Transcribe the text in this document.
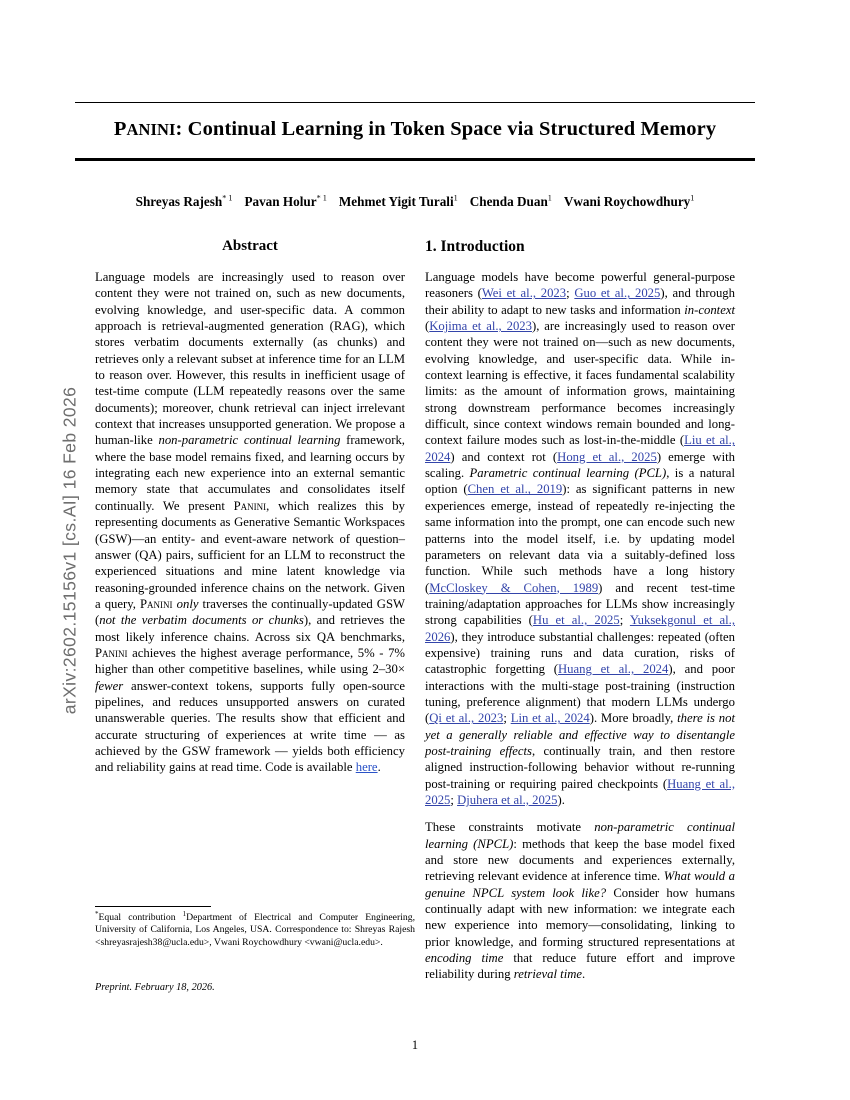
arXiv:2602.15156v1 [cs.AI] 16 Feb 2026
PANINI: Continual Learning in Token Space via Structured Memory
Shreyas Rajesh$^{* 1}$ Pavan Holur$^{* 1}$ Mehmet Yigit Turali$^1$ Chenda Duan$^1$ Vwani Roychowdhury$^1$
Abstract

Language models are increasingly used to reason over content they were not trained on, such as new documents, evolving knowledge, and user-specific data. A common approach is retrieval-augmented generation (RAG), which stores verbatim documents externally (as chunks) and retrieves only a relevant subset at inference time for an LLM to reason over. However, this results in inefficient usage of test-time compute (LLM repeatedly reasons over the same documents); moreover, chunk retrieval can inject irrelevant context that increases unsupported generation. We propose a human-like non-parametric continual learning framework, where the base model remains fixed, and learning occurs by integrating each new experience into an external semantic memory state that accumulates and consolidates itself continually. We present Panini, which realizes this by representing documents as Generative Semantic Workspaces (GSW)—an entity- and event-aware network of question–answer (QA) pairs, sufficient for an LLM to reconstruct the experienced situations and mine latent knowledge via reasoning-grounded inference chains on the network. Given a query, Panini only traverses the continually-updated GSW (not the verbatim documents or chunks), and retrieves the most likely inference chains. Across six QA benchmarks, Panini achieves the highest average performance, 5% - 7% higher than other competitive baselines, while using 2–30× fewer answer-context tokens, supports fully open-source pipelines, and reduces unsupported answers on curated unanswerable queries. The results show that efficient and accurate structuring of experiences at write time — as achieved by the GSW framework — yields both efficiency and reliability gains at read time. Code is available here.

1. Introduction

Language models have become powerful general-purpose reasoners (Wei et al., 2023; Guo et al., 2025), and through their ability to adapt to new tasks and information in-context (Kojima et al., 2023), are increasingly used to reason over content they were not trained on—such as new documents, evolving knowledge, and user-specific data. While in-context learning is effective, it faces fundamental scalability limits: as the amount of information grows, maintaining strong downstream performance becomes increasingly difficult, since context windows remain bounded and long-context failure modes such as lost-in-the-middle (Liu et al., 2024) and context rot (Hong et al., 2025) emerge with scaling. Parametric continual learning (PCL), is a natural option (Chen et al., 2019): as significant patterns in new experiences emerge, instead of repeatedly re-injecting the same information into the prompt, one can encode such new patterns into the model itself, i.e. by updating model parameters on relevant data via a suitably-defined loss function. While such methods have a long history (McCloskey & Cohen, 1989) and recent test-time training/adaptation approaches for LLMs show increasingly strong capabilities (Hu et al., 2025; Yuksekgonul et al., 2026), they introduce substantial challenges: repeated (often expensive) training runs and data curation, risks of catastrophic forgetting (Huang et al., 2024), and poor interactions with the multi-stage post-training (instruction tuning, preference alignment) that modern LLMs undergo (Qi et al., 2023; Lin et al., 2024). More broadly, there is not yet a generally reliable and effective way to disentangle post-training effects, continually train, and then restore aligned instruction-following behavior without re-running post-training or requiring paired checkpoints (Huang et al., 2025; Djuhera et al., 2025).

These constraints motivate non-parametric continual learning (NPCL): methods that keep the base model fixed and store new documents and experiences externally, retrieving relevant evidence at inference time. What would a genuine NPCL system look like? Consider how humans continually adapt with new information: we integrate each new experience into memory—consolidating, linking to prior knowledge, and forming structured representations at encoding time that reduce future effort and improve reliability during retrieval time.

*Equal contribution $^1$Department of Electrical and Computer Engineering, University of California, Los Angeles, USA. Correspondence to: Shreyas Rajesh <shreyasrajesh38@ucla.edu>, Vwani Roychowdhury <vwani@ucla.edu>.

Preprint. February 18, 2026.
1
